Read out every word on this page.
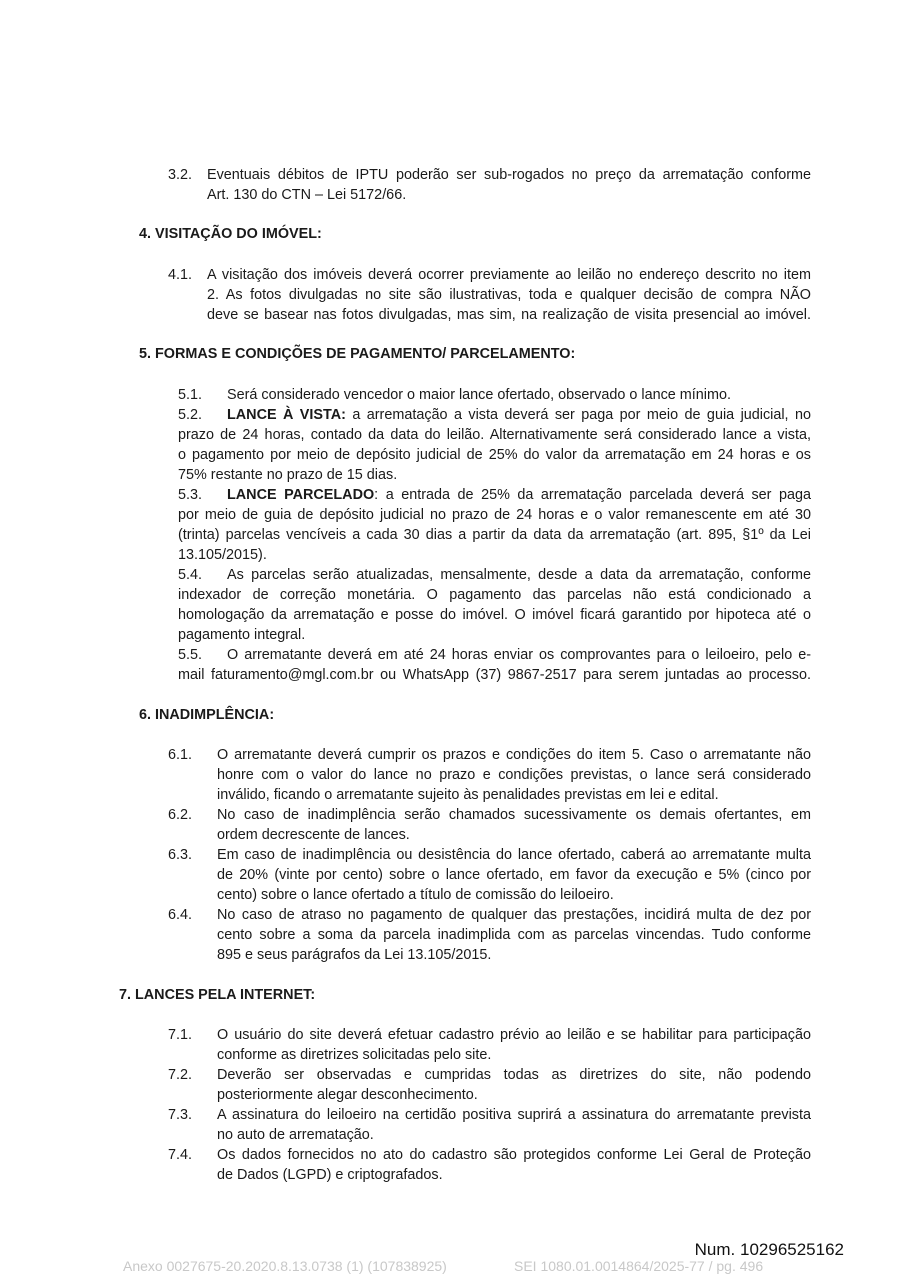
3.2. Eventuais débitos de IPTU poderão ser sub-rogados no preço da arrematação conforme
Art. 130 do CTN – Lei 5172/66.
4. VISITAÇÃO DO IMÓVEL:
4.1. A visitação dos imóveis deverá ocorrer previamente ao leilão no endereço descrito no item
2. As fotos divulgadas no site são ilustrativas, toda e qualquer decisão de compra NÃO
deve se basear nas fotos divulgadas, mas sim, na realização de visita presencial ao imóvel.
5. FORMAS E CONDIÇÕES DE PAGAMENTO/ PARCELAMENTO:
5.1. Será considerado vencedor o maior lance ofertado, observado o lance mínimo.
5.2. LANCE À VISTA: a arrematação a vista deverá ser paga por meio de guia judicial, no
prazo de 24 horas, contado da data do leilão. Alternativamente será considerado lance a vista,
o pagamento por meio de depósito judicial de 25% do valor da arrematação em 24 horas e os
75% restante no prazo de 15 dias.
5.3. LANCE PARCELADO: a entrada de 25% da arrematação parcelada deverá ser paga
por meio de guia de depósito judicial no prazo de 24 horas e o valor remanescente em até 30
(trinta) parcelas vencíveis a cada 30 dias a partir da data da arrematação (art. 895, §1º da Lei
13.105/2015).
5.4. As parcelas serão atualizadas, mensalmente, desde a data da arrematação, conforme
indexador de correção monetária. O pagamento das parcelas não está condicionado a
homologação da arrematação e posse do imóvel. O imóvel ficará garantido por hipoteca até o
pagamento integral.
5.5. O arrematante deverá em até 24 horas enviar os comprovantes para o leiloeiro, pelo e-
mail faturamento@mgl.com.br ou WhatsApp (37) 9867-2517 para serem juntadas ao processo.
6. INADIMPLÊNCIA:
6.1. O arrematante deverá cumprir os prazos e condições do item 5. Caso o arrematante não
honre com o valor do lance no prazo e condições previstas, o lance será considerado
inválido, ficando o arrematante sujeito às penalidades previstas em lei e edital.
6.2. No caso de inadimplência serão chamados sucessivamente os demais ofertantes, em
ordem decrescente de lances.
6.3. Em caso de inadimplência ou desistência do lance ofertado, caberá ao arrematante multa
de 20% (vinte por cento) sobre o lance ofertado, em favor da execução e 5% (cinco por
cento) sobre o lance ofertado a título de comissão do leiloeiro.
6.4. No caso de atraso no pagamento de qualquer das prestações, incidirá multa de dez por
cento sobre a soma da parcela inadimplida com as parcelas vincendas. Tudo conforme
895 e seus parágrafos da Lei 13.105/2015.
7. LANCES PELA INTERNET:
7.1. O usuário do site deverá efetuar cadastro prévio ao leilão e se habilitar para participação
conforme as diretrizes solicitadas pelo site.
7.2. Deverão ser observadas e cumpridas todas as diretrizes do site, não podendo
posteriormente alegar desconhecimento.
7.3. A assinatura do leiloeiro na certidão positiva suprirá a assinatura do arrematante prevista
no auto de arrematação.
7.4. Os dados fornecidos no ato do cadastro são protegidos conforme Lei Geral de Proteção
de Dados (LGPD) e criptografados.
Num. 10296525162
Anexo 0027675-20.2020.8.13.0738 (1) (107838925)	SEI 1080.01.0014864/2025-77 / pg. 496
